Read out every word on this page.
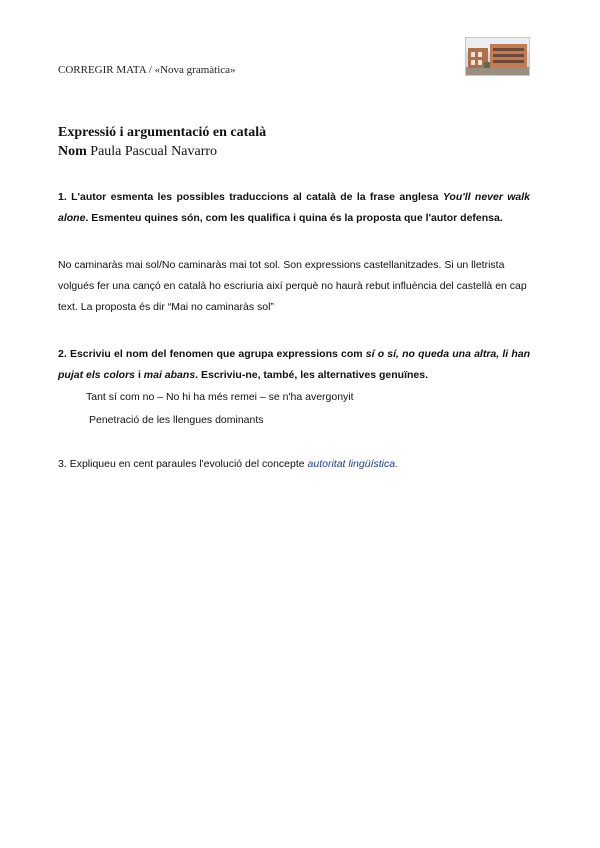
CORREGIR MATA / «Nova gramàtica»
Expressió i argumentació en català
Nom Paula Pascual Navarro
1. L'autor esmenta les possibles traduccions al català de la frase anglesa You'll never walk alone. Esmenteu quines són, com les qualifica i quina és la proposta que l'autor defensa.
No caminaràs mai sol/No caminaràs mai tot sol. Son expressions castellanitzades. Si un lletrista volgués fer una cançó en català ho escriuria així perquè no haurà rebut influència del castellà en cap text. La proposta és dir “Mai no caminaràs sol”
2. Escriviu el nom del fenomen que agrupa expressions com sí o sí, no queda una altra, li han pujat els colors i mai abans. Escriviu-ne, també, les alternatives genuïnes.
Tant sí com no – No hi ha més remei – se n'ha avergonyit
Penetració de les llengues dominants
3. Expliqueu en cent paraules l'evolució del concepte autoritat lingüística.
